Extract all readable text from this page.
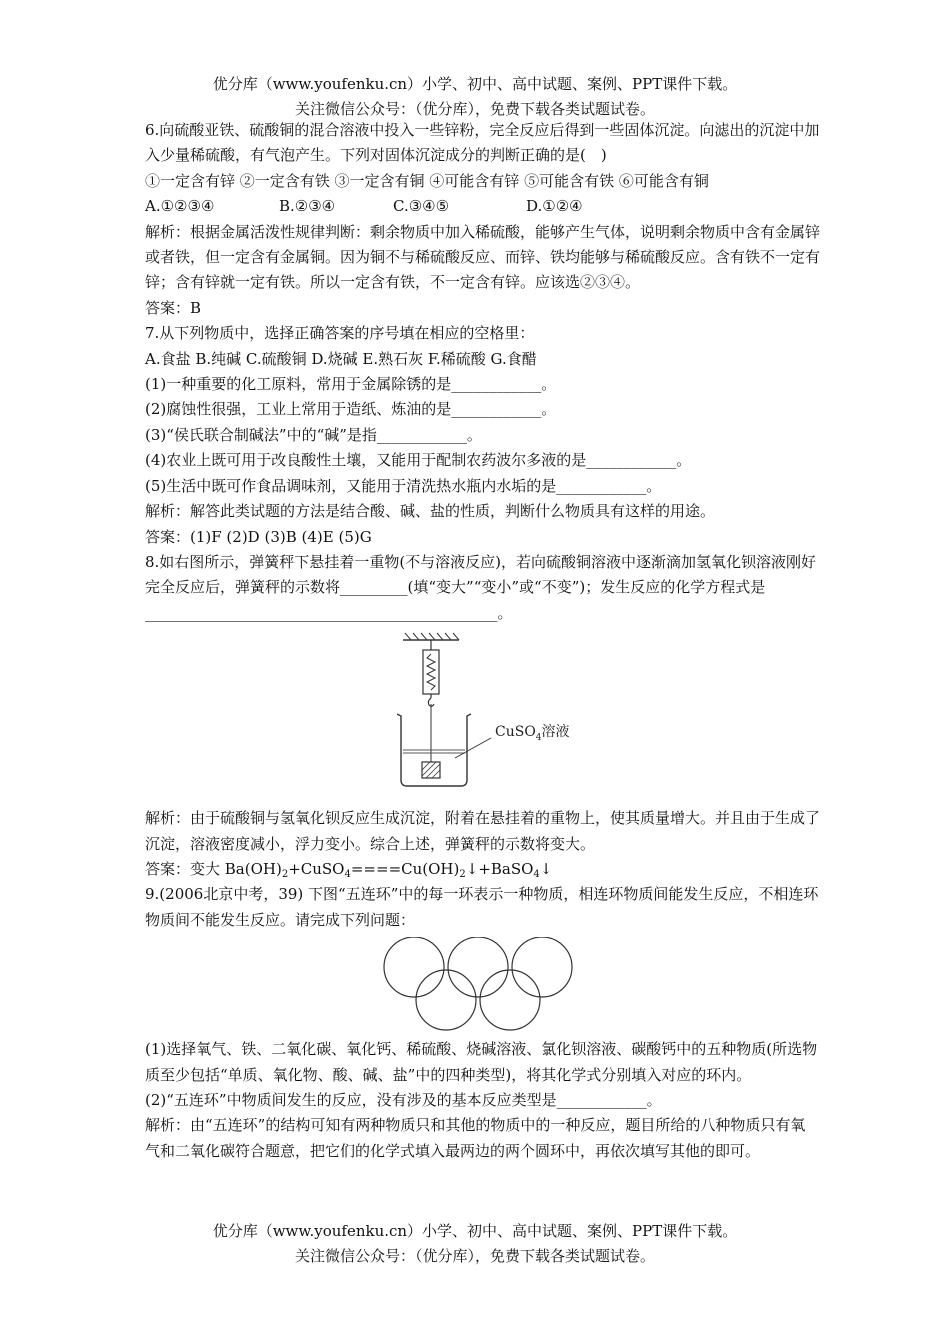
优分库（www.youfenku.cn）小学、初中、高中试题、案例、PPT课件下载。
关注微信公众号：（优分库），免费下载各类试题试卷。

6.向硫酸亚铁、硫酸铜的混合溶液中投入一些锌粉，完全反应后得到一些固体沉淀。向滤出的沉淀中加入少量稀硫酸，有气泡产生。下列对固体沉淀成分的判断正确的是(　)

①一定含有锌 ②一定含有铁 ③一定含有铜 ④可能含有锌 ⑤可能含有铁 ⑥可能含有铜

A.①②③④	B.②③④	C.③④⑤	D.①②④

解析：根据金属活泼性规律判断：剩余物质中加入稀硫酸，能够产生气体，说明剩余物质中含有金属锌或者铁，但一定含有金属铜。因为铜不与稀硫酸反应、而锌、铁均能够与稀硫酸反应。含有铁不一定有锌；含有锌就一定有铁。所以一定含有铁，不一定含有锌。应该选②③④。

答案：B

7.从下列物质中，选择正确答案的序号填在相应的空格里：

A.食盐 B.纯碱 C.硫酸铜 D.烧碱 E.熟石灰 F.稀硫酸 G.食醋

(1)一种重要的化工原料，常用于金属除锈的是____________。

(2)腐蚀性很强，工业上常用于造纸、炼油的是____________。

(3)“侯氏联合制碱法”中的“碱”是指____________。

(4)农业上既可用于改良酸性土壤，又能用于配制农药波尔多液的是____________。

(5)生活中既可作食品调味剂，又能用于清洗热水瓶内水垢的是____________。

解析：解答此类试题的方法是结合酸、碱、盐的性质，判断什么物质具有这样的用途。

答案：(1)F (2)D (3)B (4)E (5)G

8.如右图所示，弹簧秤下悬挂着一重物(不与溶液反应)，若向硫酸铜溶液中逐渐滴加氢氧化钡溶液刚好完全反应后，弹簧秤的示数将_________(填“变大”“变小”或“不变”)；发生反应的化学方程式是_______________________________________________。

CuSO$_4$溶液

解析：由于硫酸铜与氢氧化钡反应生成沉淀，附着在悬挂着的重物上，使其质量增大。并且由于生成了沉淀，溶液密度减小，浮力变小。综合上述，弹簧秤的示数将变大。

答案：变大 $Ba(OH)_2+CuSO_4====Cu(OH)_2↓+BaSO_4↓$

9.(2006北京中考，39) 下图“五连环”中的每一环表示一种物质，相连环物质间能发生反应，不相连环物质间不能发生反应。请完成下列问题：

(1)选择氧气、铁、二氧化碳、氧化钙、稀硫酸、烧碱溶液、氯化钡溶液、碳酸钙中的五种物质(所选物质至少包括“单质、氧化物、酸、碱、盐”中的四种类型)，将其化学式分别填入对应的环内。

(2)“五连环”中物质间发生的反应，没有涉及的基本反应类型是____________。

解析：由“五连环”的结构可知有两种物质只和其他的物质中的一种反应，题目所给的八种物质只有氧气和二氧化碳符合题意，把它们的化学式填入最两边的两个圆环中，再依次填写其他的即可。

优分库（www.youfenku.cn）小学、初中、高中试题、案例、PPT课件下载。
关注微信公众号：（优分库），免费下载各类试题试卷。
